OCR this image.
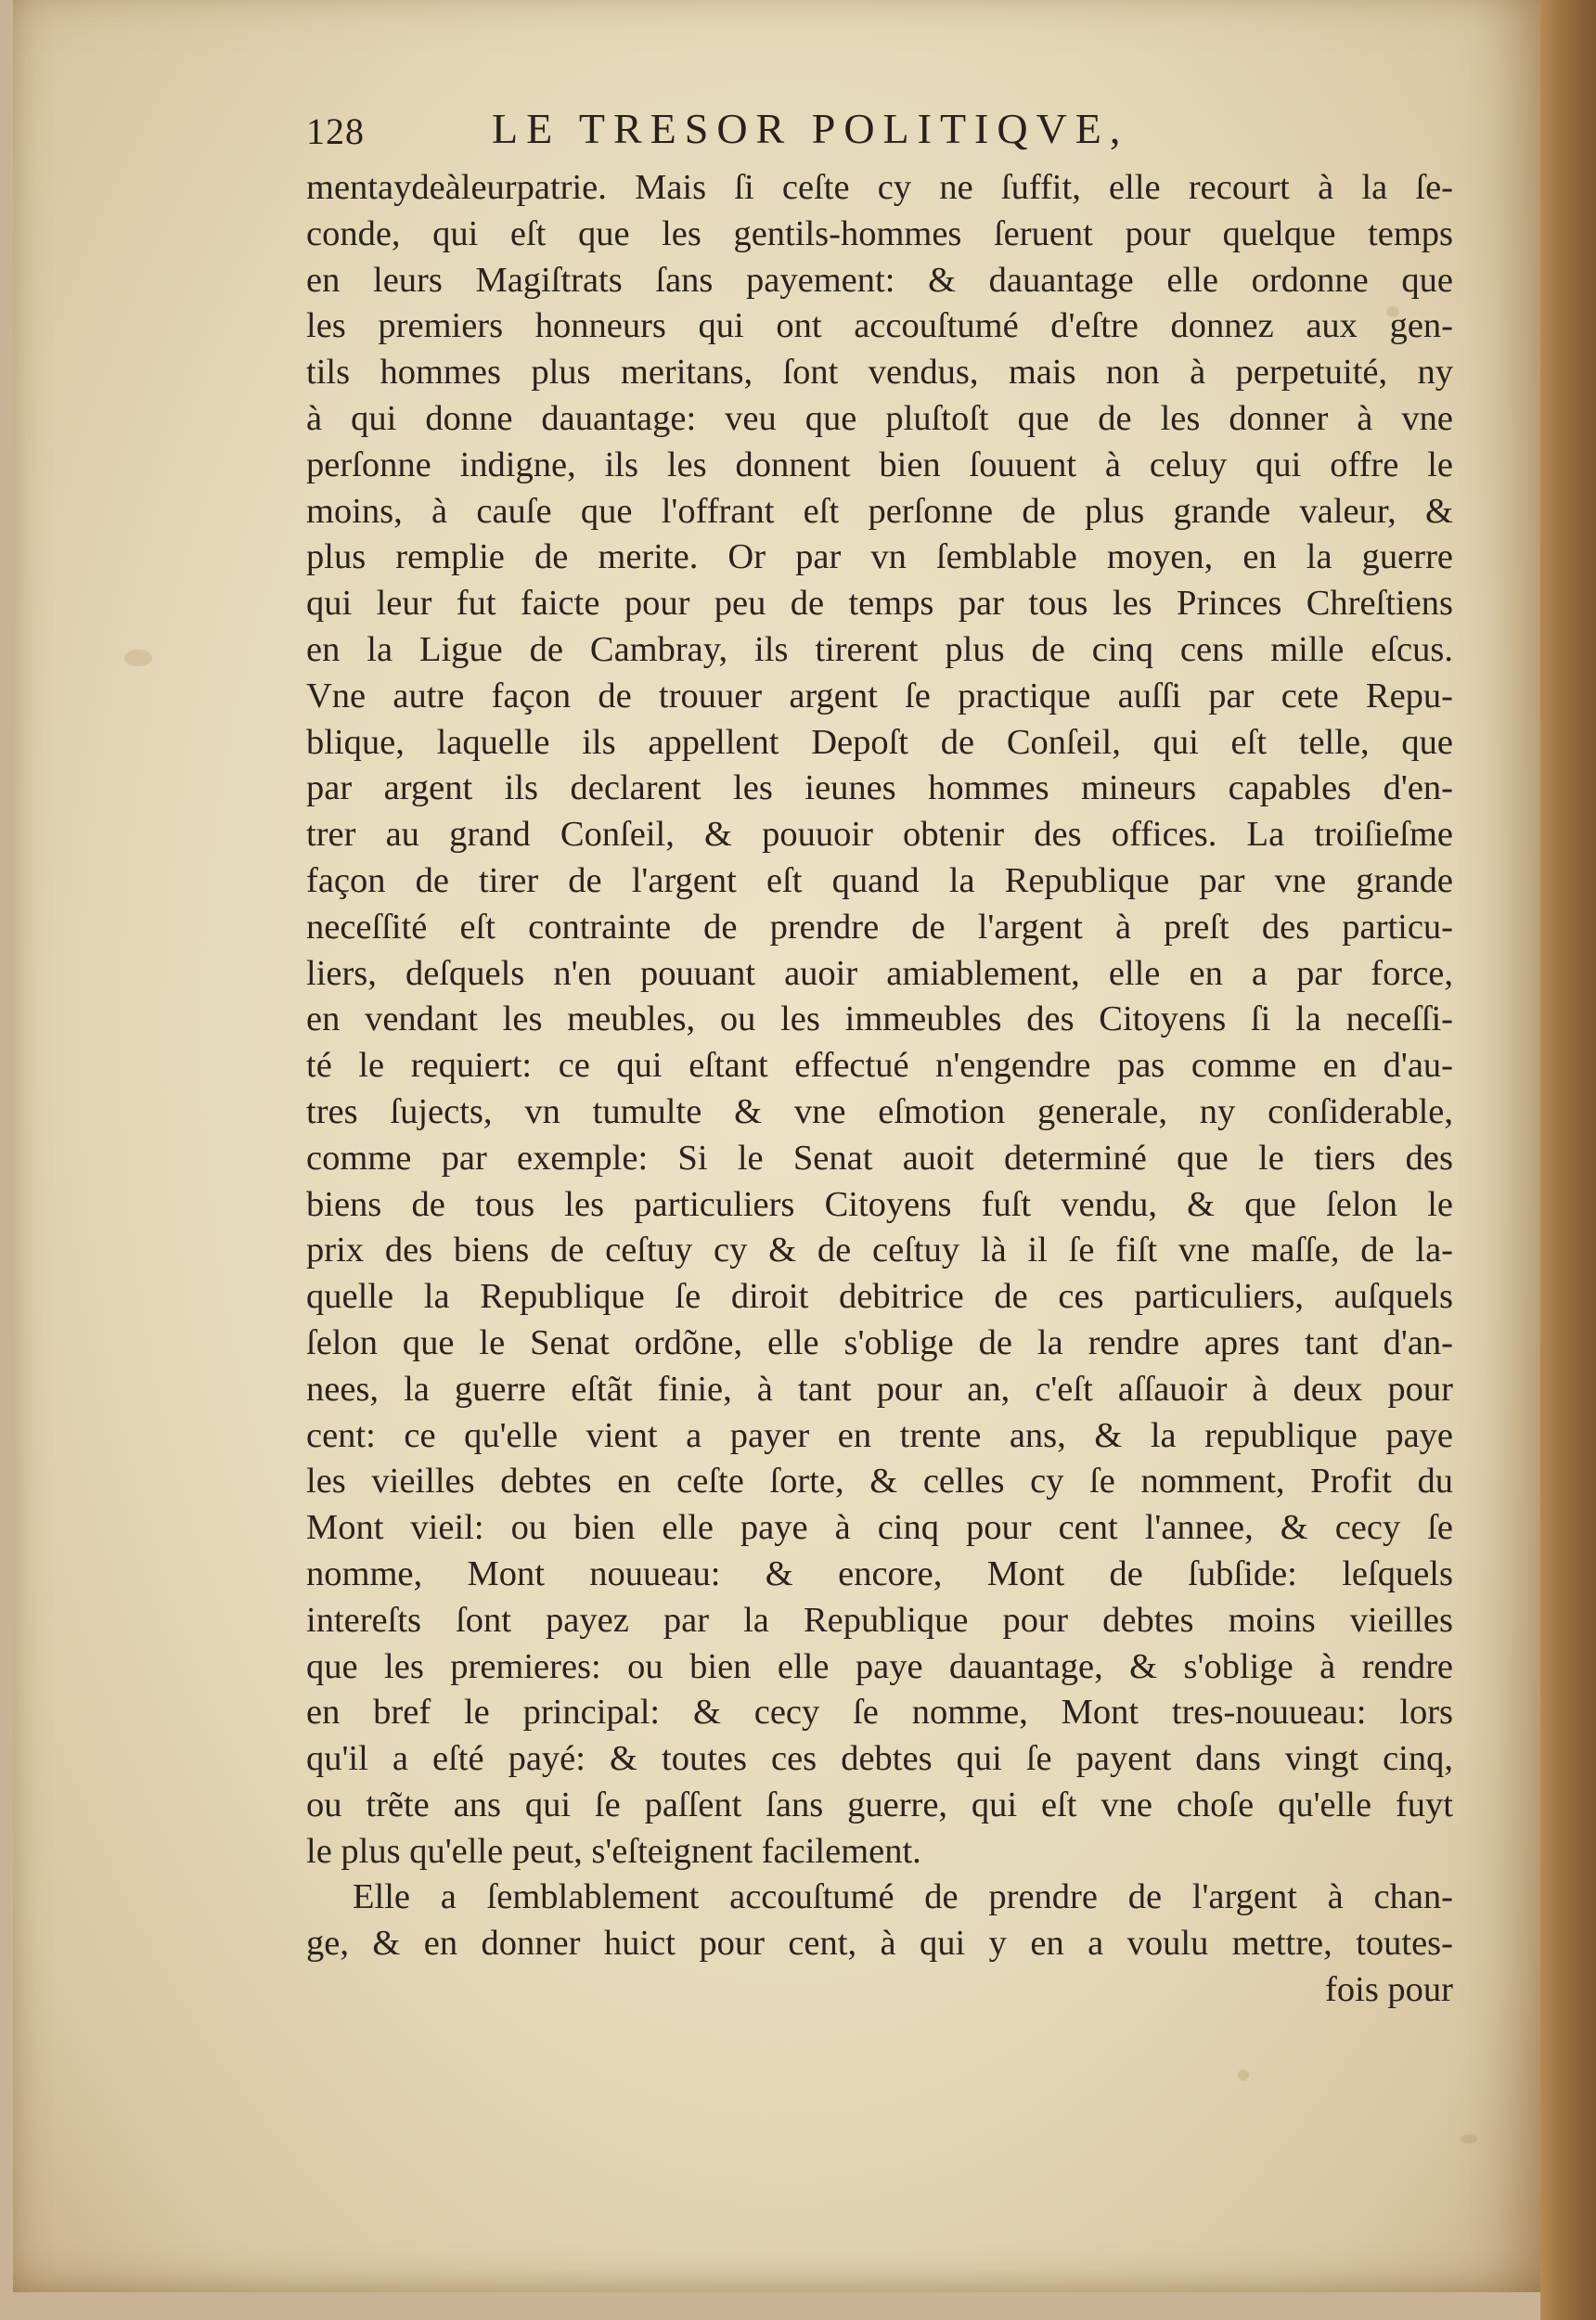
128	LE TRESOR POLITIQVE,
mentaydeàleurpatrie. Mais ſi ceſte cy ne ſuffit, elle recourt à la ſe-
conde, qui eſt que les gentils-hommes ſeruent pour quelque temps
en leurs Magiſtrats ſans payement: & dauantage elle ordonne que
les premiers honneurs qui ont accouſtumé d'eſtre donnez aux gen-
tils hommes plus meritans, ſont vendus, mais non à perpetuité, ny
à qui donne dauantage: veu que pluſtoſt que de les donner à vne
perſonne indigne, ils les donnent bien ſouuent à celuy qui offre le
moins, à cauſe que l'offrant eſt perſonne de plus grande valeur, &
plus remplie de merite. Or par vn ſemblable moyen, en la guerre
qui leur fut faicte pour peu de temps par tous les Princes Chreſtiens
en la Ligue de Cambray, ils tirerent plus de cinq cens mille eſcus.
Vne autre façon de trouuer argent ſe practique auſſi par cete Repu-
blique, laquelle ils appellent Depoſt de Conſeil, qui eſt telle, que
par argent ils declarent les ieunes hommes mineurs capables d'en-
trer au grand Conſeil, & pouuoir obtenir des offices. La troiſieſme
façon de tirer de l'argent eſt quand la Republique par vne grande
neceſſité eſt contrainte de prendre de l'argent à preſt des particu-
liers, deſquels n'en pouuant auoir amiablement, elle en a par force,
en vendant les meubles, ou les immeubles des Citoyens ſi la neceſſi-
té le requiert: ce qui eſtant effectué n'engendre pas comme en d'au-
tres ſujects, vn tumulte & vne eſmotion generale, ny conſiderable,
comme par exemple: Si le Senat auoit determiné que le tiers des
biens de tous les particuliers Citoyens fuſt vendu, & que ſelon le
prix des biens de ceſtuy cy & de ceſtuy là il ſe fiſt vne maſſe, de la-
quelle la Republique ſe diroit debitrice de ces particuliers, auſquels
ſelon que le Senat ordõne, elle s'oblige de la rendre apres tant d'an-
nees, la guerre eſtãt finie, à tant pour an, c'eſt aſſauoir à deux pour
cent: ce qu'elle vient a payer en trente ans, & la republique paye
les vieilles debtes en ceſte ſorte, & celles cy ſe nomment, Profit du
Mont vieil: ou bien elle paye à cinq pour cent l'annee, & cecy ſe
nomme, Mont nouueau: & encore, Mont de ſubſide: leſquels
intereſts ſont payez par la Republique pour debtes moins vieilles
que les premieres: ou bien elle paye dauantage, & s'oblige à rendre
en bref le principal: & cecy ſe nomme, Mont tres-nouueau: lors
qu'il a eſté payé: & toutes ces debtes qui ſe payent dans vingt cinq,
ou trẽte ans qui ſe paſſent ſans guerre, qui eſt vne choſe qu'elle fuyt
le plus qu'elle peut, s'eſteignent facilement.
Elle a ſemblablement accouſtumé de prendre de l'argent à chan-
ge, & en donner huict pour cent, à qui y en a voulu mettre, toutes-
fois pour
